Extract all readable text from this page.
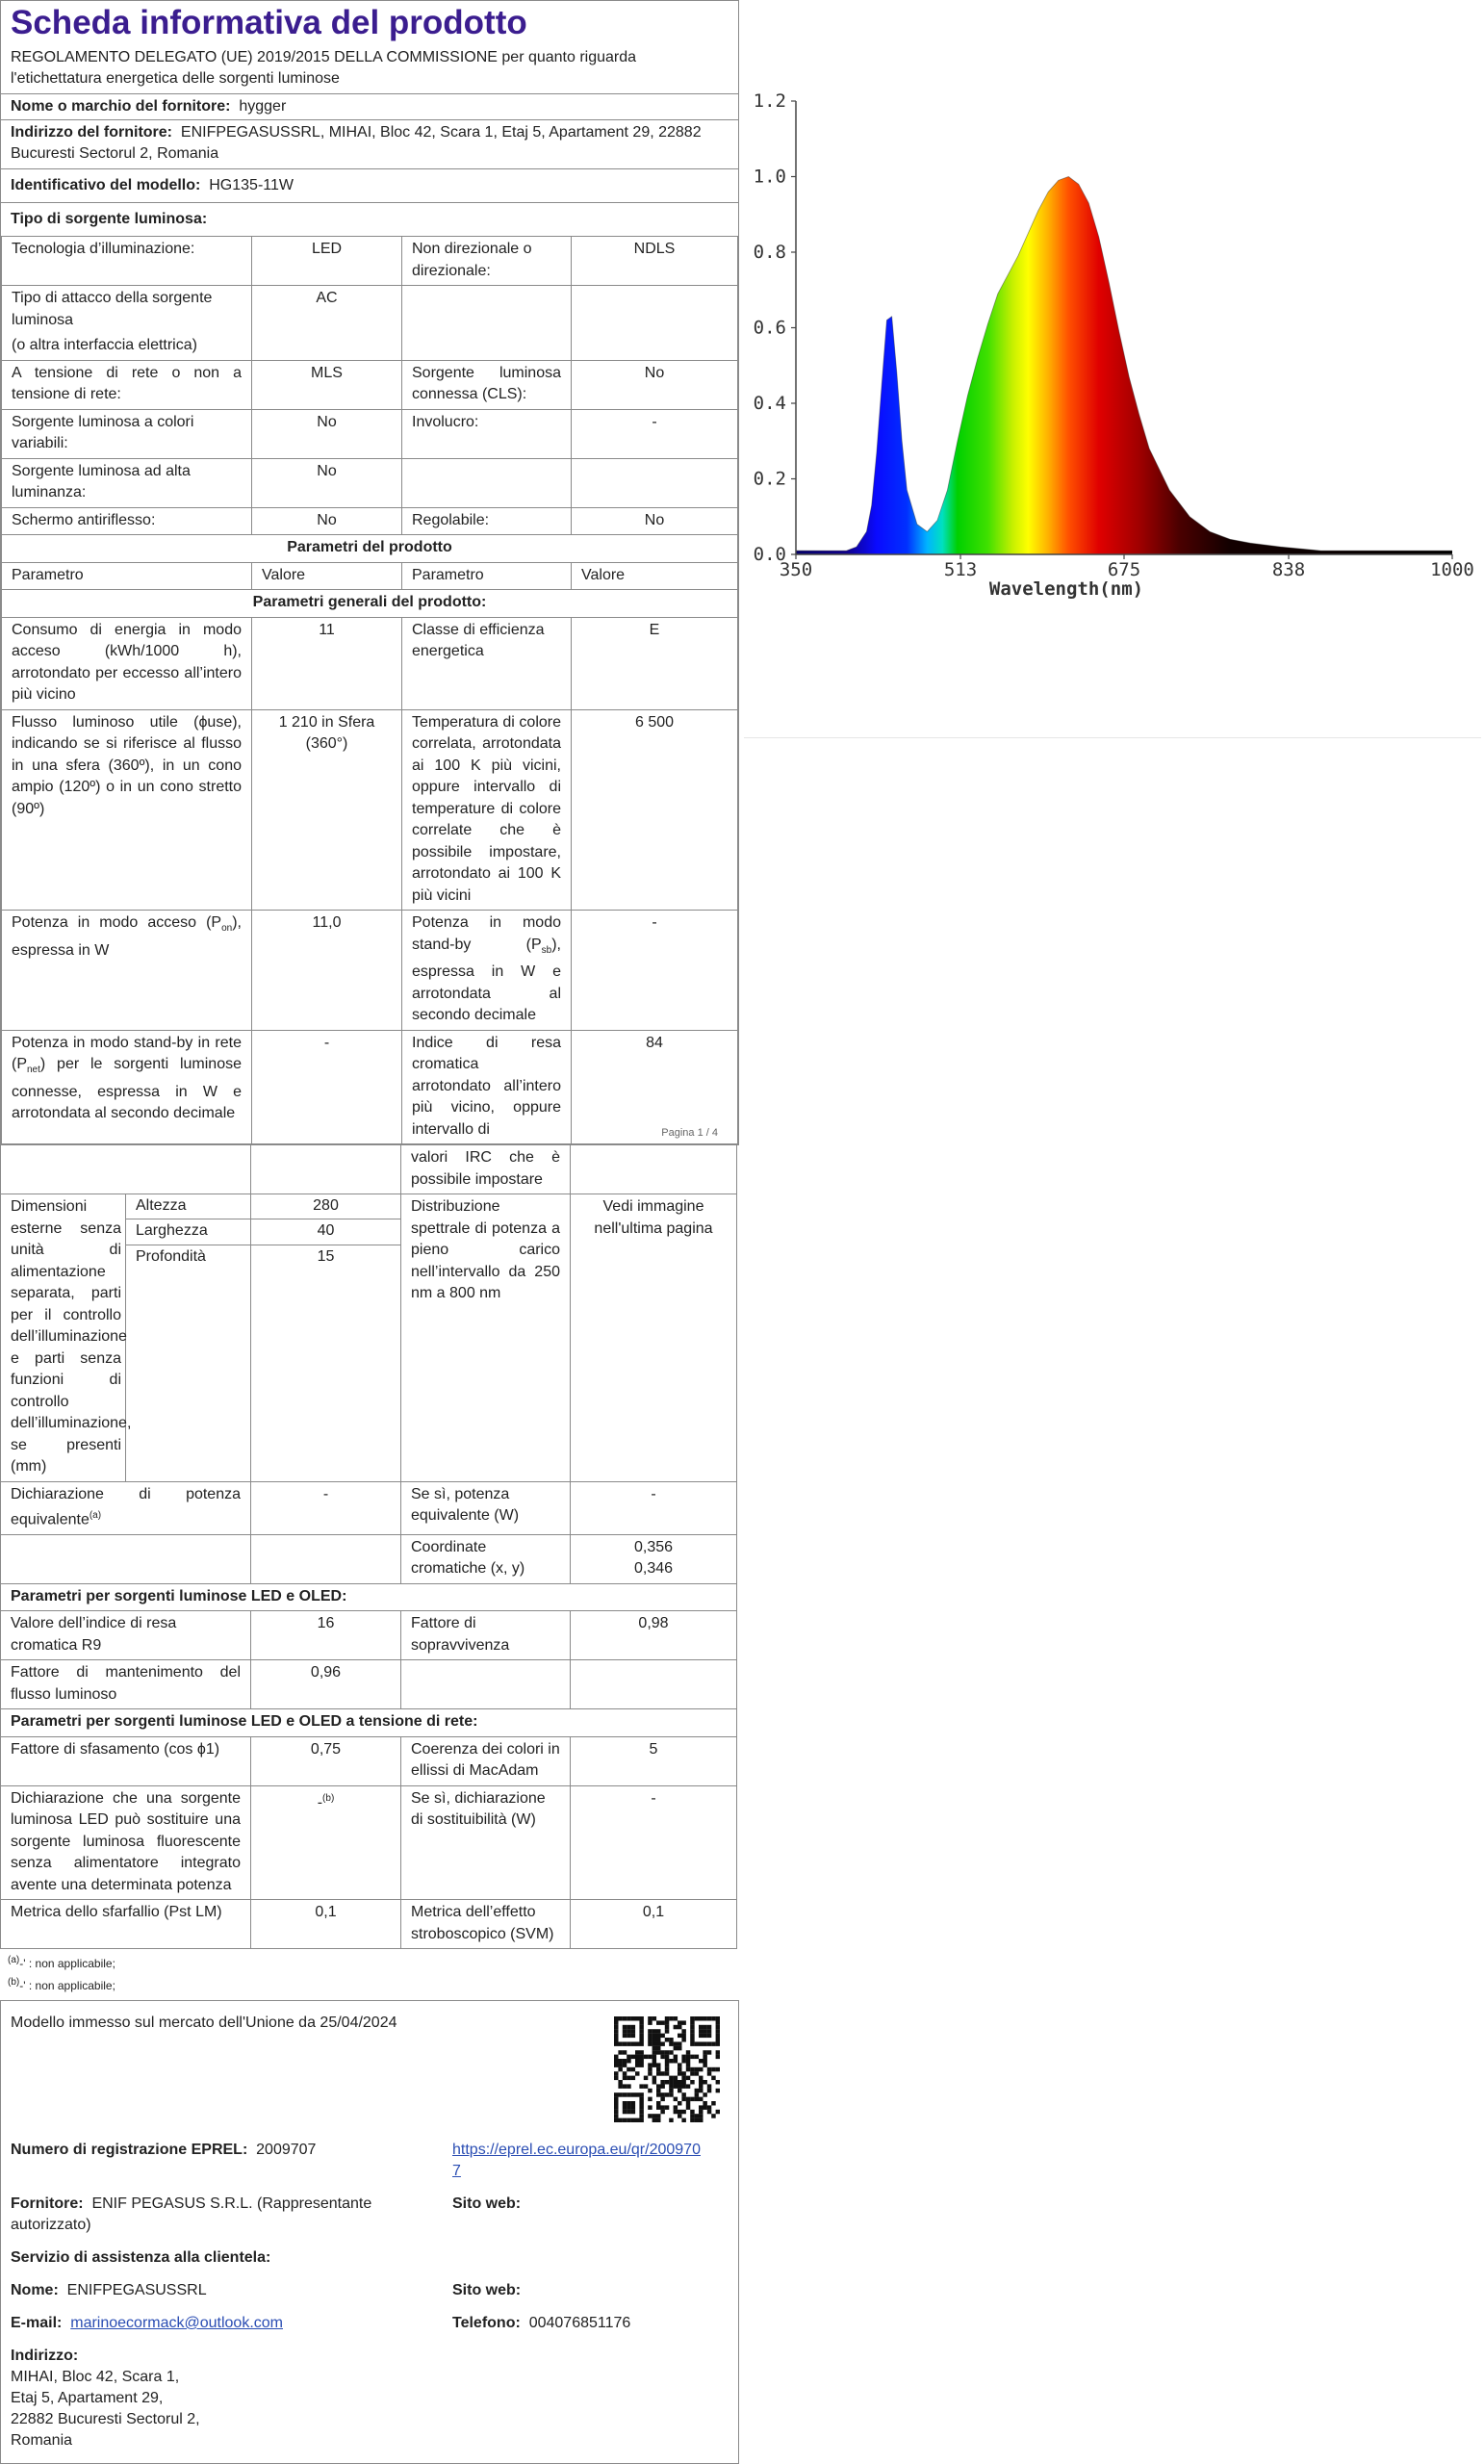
Scheda informativa del prodotto
REGOLAMENTO DELEGATO (UE) 2019/2015 DELLA COMMISSIONE per quanto riguarda l'etichettatura energetica delle sorgenti luminose
Nome o marchio del fornitore: hygger
Indirizzo del fornitore: ENIFPEGASUSSRL, MIHAI, Bloc 42, Scara 1, Etaj 5, Apartament 29, 22882 Bucuresti Sectorul 2, Romania
Identificativo del modello: HG135-11W
Tipo di sorgente luminosa:
Tecnologia d’illuminazione:	LED	Non direzionale o direzionale:	NDLS

Tipo di attacco della sorgente luminosa
(o altra interfaccia elettrica)	AC		
A tensione di rete o non a tensione di rete:	MLS	Sorgente luminosa connessa (CLS):	No
Sorgente luminosa a colori variabili:	No	Involucro:	-
Sorgente luminosa ad alta luminanza:	No		
Schermo antiriflesso:	No	Regolabile:	No
Parametri del prodotto			
Parametro	Valore	Parametro	Valore
Parametri generali del prodotto:			
Consumo di energia in modo acceso (kWh/1000 h), arrotondato per eccesso all’intero più vicino	11	Classe di efficienza energetica	E
Flusso luminoso utile (ϕuse), indicando se si riferisce al flusso in una sfera (360º), in un cono ampio (120º) o in un cono stretto (90º)	1 210 in Sfera (360°)	Temperatura di colore correlata, arrotondata ai 100 K più vicini, oppure intervallo di temperature di colore correlate che è possibile impostare, arrotondato ai 100 K più vicini	6 500
Potenza in modo acceso $(P_{on})$, espressa in W	11,0	Potenza in modo stand-by $(P_{sb})$, espressa in W e arrotondata al secondo decimale	-
Potenza in modo stand-by in rete $(P_{net})$ per le sorgenti luminose connesse, espressa in W e arrotondata al secondo decimale	-	Indice di resa cromatica arrotondato all’intero più vicino, oppure intervallo di	84
Pagina 1 / 4
			valori IRC che è possibile impostare	
Dimensioni esterne senza unità di alimentazione separata, parti per il controllo dell’illuminazione e parti senza funzioni di controllo dell’illuminazione, se presenti (mm)	Altezza	280	Distribuzione spettrale di potenza a pieno carico nell’intervallo da 250 nm a 800 nm	Vedi immagine nell'ultima pagina
	Larghezza	40		
	Profondità	15		
Dichiarazione di potenza equivalente$^{(a)}$		-	Se sì, potenza equivalente (W)	-
			Coordinate cromatiche (x, y)	0,356
0,346

Parametri per sorgenti luminose LED e OLED:				
Valore dell’indice di resa cromatica R9		16	Fattore di sopravvivenza	0,98
Fattore di mantenimento del flusso luminoso		0,96		
Parametri per sorgenti luminose LED e OLED a tensione di rete:				
Fattore di sfasamento (cos ϕ1)		0,75	Coerenza dei colori in ellissi di MacAdam	5
Dichiarazione che una sorgente luminosa LED può sostituire una sorgente luminosa fluorescente senza alimentatore integrato avente una determinata potenza		-$^{(b)}$	Se sì, dichiarazione di sostituibilità (W)	-
Metrica dello sfarfallio (Pst LM)		0,1	Metrica dell’effetto stroboscopico (SVM)	0,1
$^{(a)}$-' : non applicabile;
$^{(b)}$-' : non applicabile;
Modello immesso sul mercato dell'Unione da 25/04/2024
Numero di registrazione EPREL: 2009707	https://eprel.ec.europa.eu/qr/2009707
Fornitore: ENIF PEGASUS S.R.L. (Rappresentante autorizzato)
Sito web:
Servizio di assistenza alla clientela:
Nome: ENIFPEGASUSSRL	Sito web:
E-mail: marinoecormack@outlook.com	Telefono: 004076851176
Indirizzo:
MIHAI, Bloc 42, Scara 1,
Etaj 5, Apartament 29,
22882 Bucuresti Sectorul 2,
Romania
0.0
0.2
0.4
0.6
0.8
1.0
1.2
350	513	675	838	1000
Wavelength(nm)
